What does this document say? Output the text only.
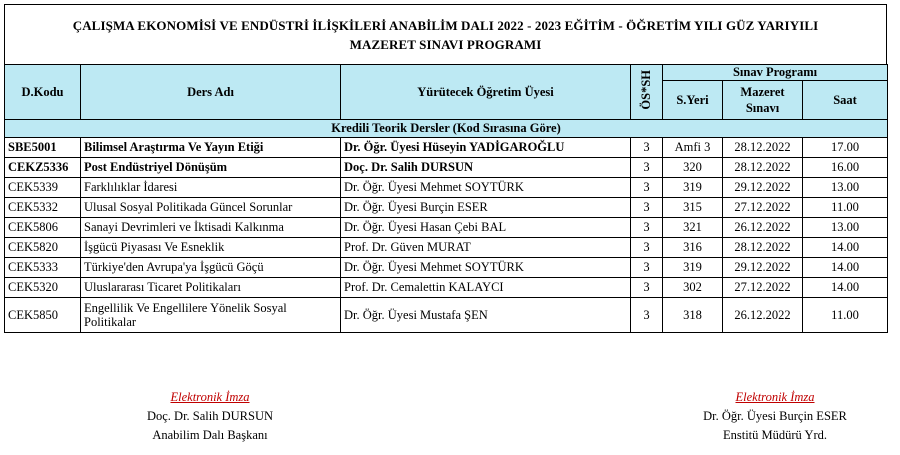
ÇALIŞMA EKONOMİSİ VE ENDÜSTRİ İLİŞKİLERİ ANABİLİM DALI 2022 - 2023 EĞİTİM - ÖĞRETİM YILI GÜZ YARIYILI
MAZERET SINAVI PROGRAMI
D.Kodu	Ders Adı	Yürütecek Öğretim Üyesi	ÖS*SH	Sınav Programı		
				S.Yeri	Mazeret Sınavı	Saat
Kredili Teorik Dersler (Kod Sırasına Göre)						
SBE5001	Bilimsel Araştırma Ve Yayın Etiği	Dr. Öğr. Üyesi Hüseyin YADİGAROĞLU	3	Amfi 3	28.12.2022	17.00
CEKZ5336	Post Endüstriyel Dönüşüm	Doç. Dr. Salih DURSUN	3	320	28.12.2022	16.00
CEK5339	Farklılıklar İdaresi	Dr. Öğr. Üyesi Mehmet SOYTÜRK	3	319	29.12.2022	13.00
CEK5332	Ulusal Sosyal Politikada Güncel Sorunlar	Dr. Öğr. Üyesi Burçin ESER	3	315	27.12.2022	11.00
CEK5806	Sanayi Devrimleri ve İktisadi Kalkınma	Dr. Öğr. Üyesi Hasan Çebi BAL	3	321	26.12.2022	13.00
CEK5820	İşgücü Piyasası Ve Esneklik	Prof. Dr. Güven MURAT	3	316	28.12.2022	14.00
CEK5333	Türkiye'den Avrupa'ya İşgücü Göçü	Dr. Öğr. Üyesi Mehmet SOYTÜRK	3	319	29.12.2022	14.00
CEK5320	Uluslararası Ticaret Politikaları	Prof. Dr. Cemalettin KALAYCI	3	302	27.12.2022	14.00
CEK5850	Engellilik Ve Engellilere Yönelik Sosyal Politikalar	Dr. Öğr. Üyesi Mustafa ŞEN	3	318	26.12.2022	11.00
Elektronik İmza
Doç. Dr. Salih DURSUN
Anabilim Dalı Başkanı
Elektronik İmza
Dr. Öğr. Üyesi Burçin ESER
Enstitü Müdürü Yrd.
